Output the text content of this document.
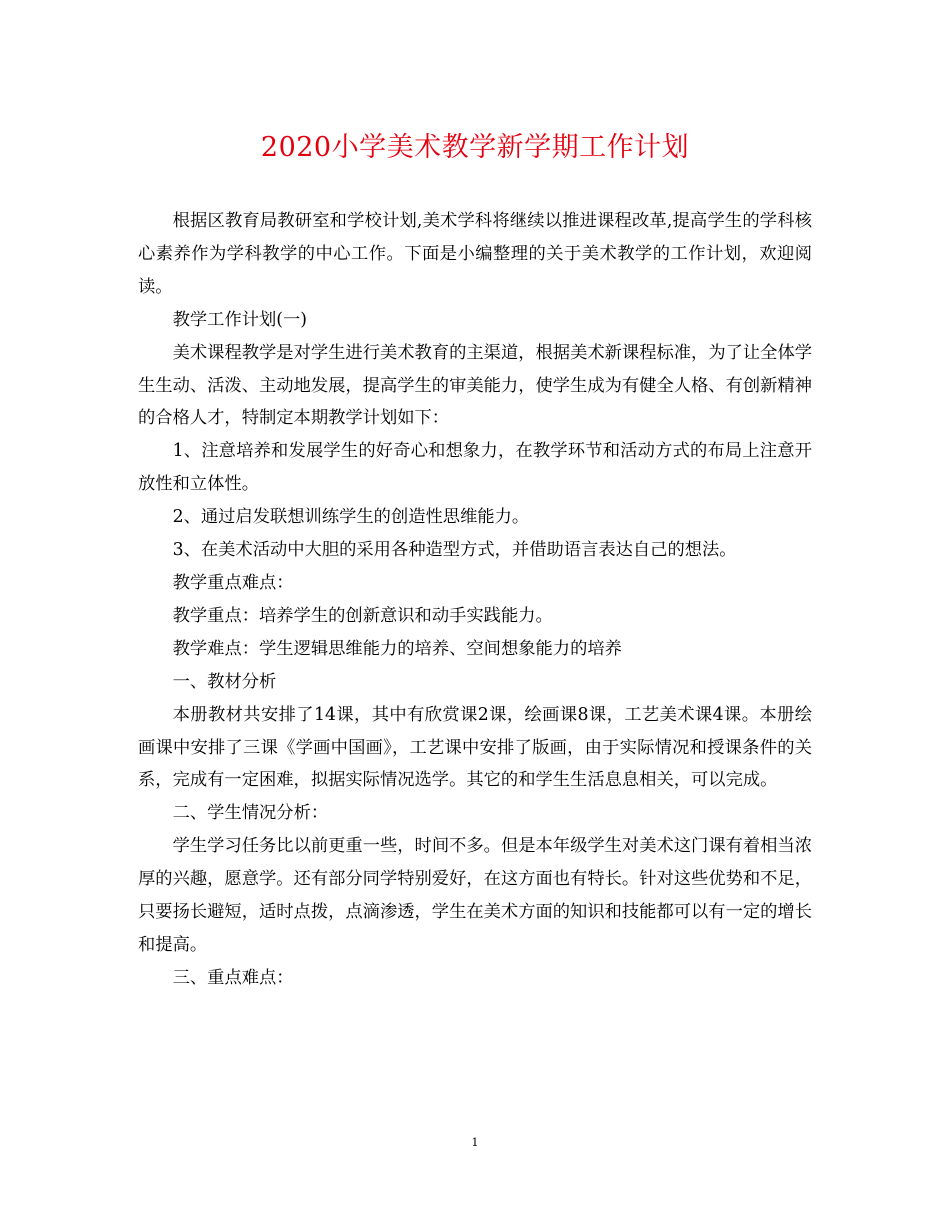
2020小学美术教学新学期工作计划

根据区教育局教研室和学校计划,美术学科将继续以推进课程改革,提高学生的学科核心素养作为学科教学的中心工作。下面是小编整理的关于美术教学的工作计划，欢迎阅读。

教学工作计划(一)

美术课程教学是对学生进行美术教育的主渠道，根据美术新课程标准，为了让全体学生生动、活泼、主动地发展，提高学生的审美能力，使学生成为有健全人格、有创新精神的合格人才，特制定本期教学计划如下：

1、注意培养和发展学生的好奇心和想象力，在教学环节和活动方式的布局上注意开放性和立体性。

2、通过启发联想训练学生的创造性思维能力。

3、在美术活动中大胆的采用各种造型方式，并借助语言表达自己的想法。

教学重点难点：

教学重点：培养学生的创新意识和动手实践能力。

教学难点：学生逻辑思维能力的培养、空间想象能力的培养

一、教材分析

本册教材共安排了14课，其中有欣赏课2课，绘画课8课，工艺美术课4课。本册绘画课中安排了三课《学画中国画》，工艺课中安排了版画，由于实际情况和授课条件的关系，完成有一定困难，拟据实际情况选学。其它的和学生生活息息相关，可以完成。

二、学生情况分析：

学生学习任务比以前更重一些，时间不多。但是本年级学生对美术这门课有着相当浓厚的兴趣，愿意学。还有部分同学特别爱好，在这方面也有特长。针对这些优势和不足，只要扬长避短，适时点拨，点滴渗透，学生在美术方面的知识和技能都可以有一定的增长和提高。

三、重点难点：

1
